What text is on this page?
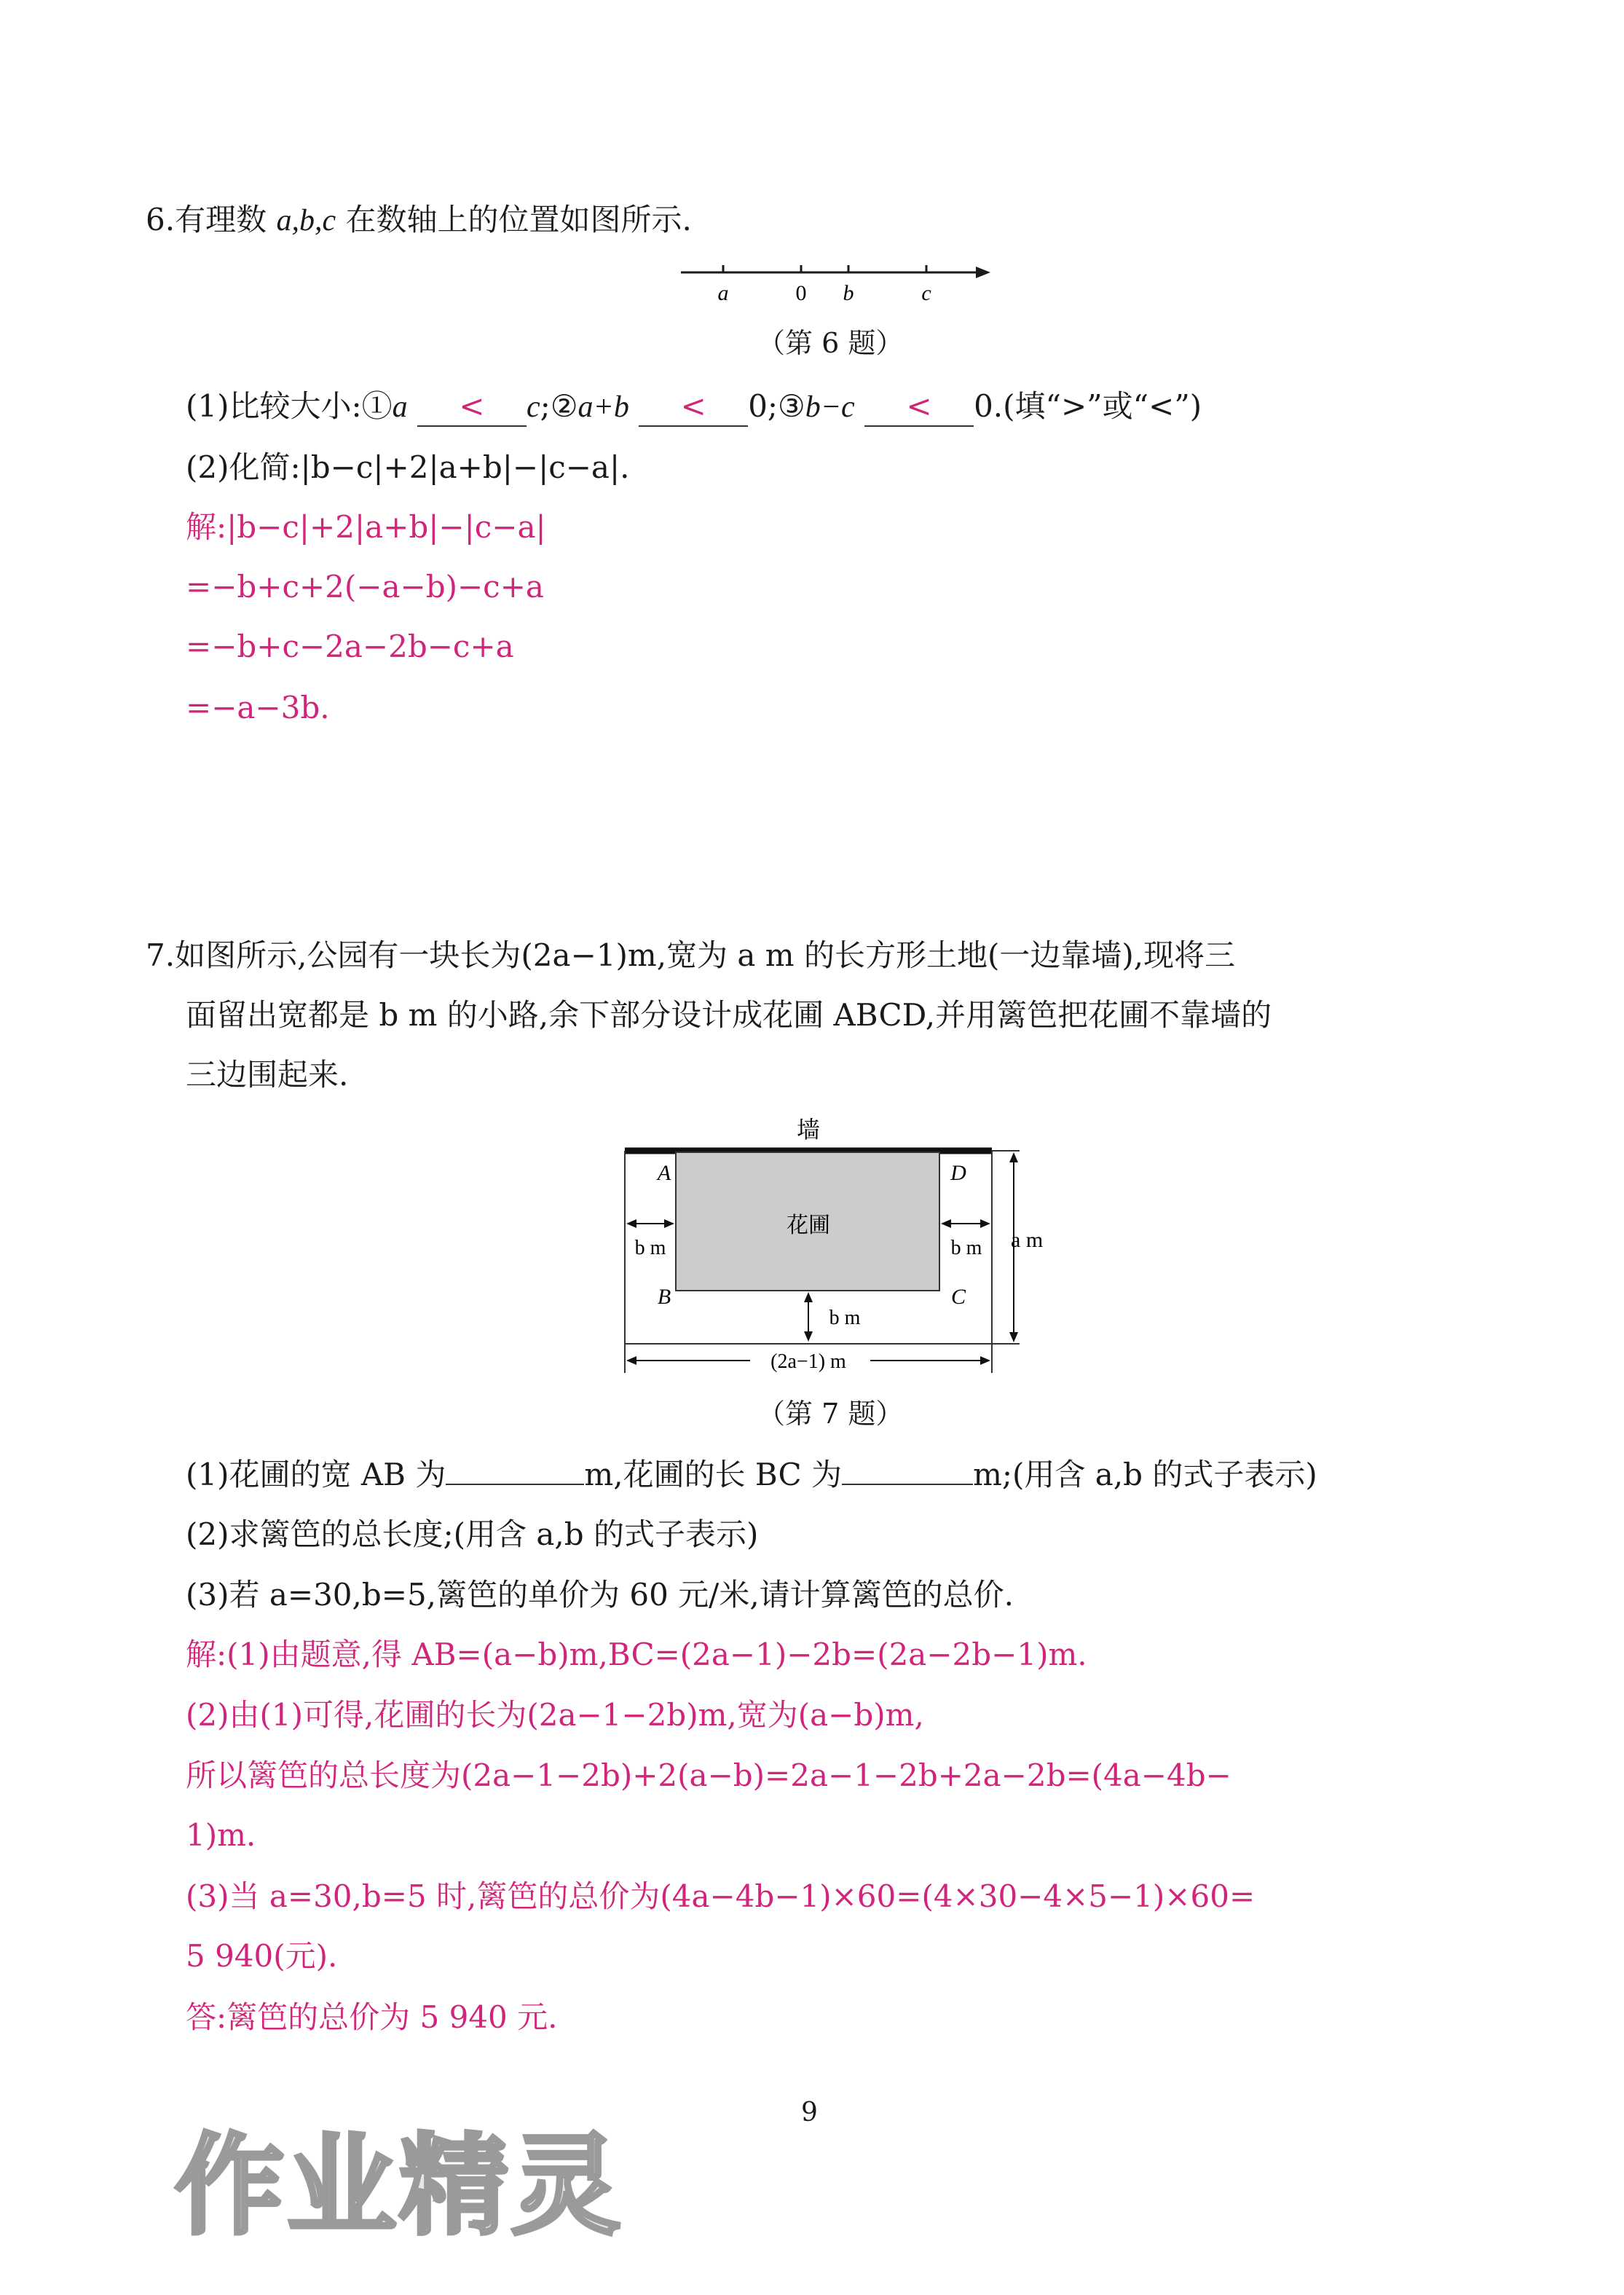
6.有理数 a,b,c 在数轴上的位置如图所示.
a	0 b	c
（第 6 题）
(1)比较大小:①a < c;②a+b < 0;③b−c < 0.(填“>”或“<”)
(2)化简:|b−c|+2|a+b|−|c−a|.
解:|b−c|+2|a+b|−|c−a|
=−b+c+2(−a−b)−c+a
=−b+c−2a−2b−c+a
=−a−3b.
7.如图所示,公园有一块长为(2a−1)m,宽为 a m 的长方形土地(一边靠墙),现将三
面留出宽都是 b m 的小路,余下部分设计成花圃 ABCD,并用篱笆把花圃不靠墙的
三边围起来.
墙
A	D
B	C
花圃
b m	b m
b m
a m
(2a−1) m
（第 7 题）
(1)花圃的宽 AB 为	m,花圃的长 BC 为	m;(用含 a,b 的式子表示)
(2)求篱笆的总长度;(用含 a,b 的式子表示)
(3)若 a=30,b=5,篱笆的单价为 60 元/米,请计算篱笆的总价.
解:(1)由题意,得 AB=(a−b)m,BC=(2a−1)−2b=(2a−2b−1)m.
(2)由(1)可得,花圃的长为(2a−1−2b)m,宽为(a−b)m,
所以篱笆的总长度为(2a−1−2b)+2(a−b)=2a−1−2b+2a−2b=(4a−4b−
1)m.
(3)当 a=30,b=5 时,篱笆的总价为(4a−4b−1)×60=(4×30−4×5−1)×60=
5 940(元).
答:篱笆的总价为 5 940 元.
作业精灵
9
